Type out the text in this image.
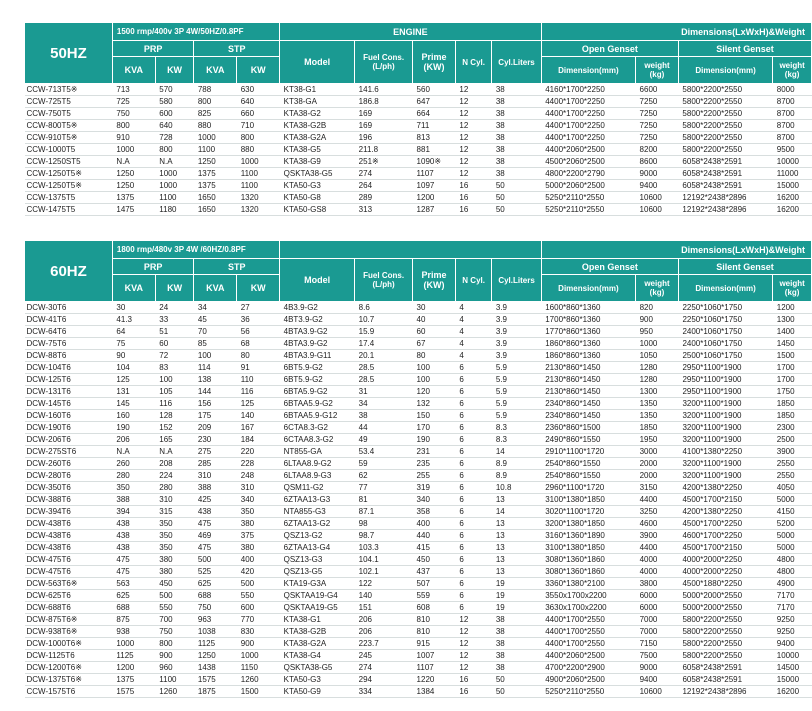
50HZ	1500 rmp/400v 3P 4W/50HZ/0.8PF				ENGINE					Dimensions(LxWxH)&Weight			
	PRP		STP		Model	Fuel Cons. (L/ph)	Prime (KW)	N Cyl.	Cyl.Liters	Open Genset		Silent Genset	
	KVA	KW	KVA	KW						Dimension(mm)	weight (kg)	Dimension(mm)	weight (kg)
CCW-713T5※	713	570	788	630	KT38-G1	141.6	560	12	38	4160*1700*2250	6600	5800*2200*2550	8000
CCW-725T5	725	580	800	640	KT38-GA	186.8	647	12	38	4400*1700*2250	7250	5800*2200*2550	8700
CCW-750T5	750	600	825	660	KTA38-G2	169	664	12	38	4400*1700*2250	7250	5800*2200*2550	8700
CCW-800T5※	800	640	880	710	KTA38-G2B	169	711	12	38	4400*1700*2250	7250	5800*2200*2550	8700
CCW-910T5※	910	728	1000	800	KTA38-G2A	196	813	12	38	4400*1700*2250	7250	5800*2200*2550	8700
CCW-1000T5	1000	800	1100	880	KTA38-G5	211.8	881	12	38	4400*2060*2500	8200	5800*2200*2550	9500
CCW-1250ST5	N.A	N.A	1250	1000	KTA38-G9	251※	1090※	12	38	4500*2060*2500	8600	6058*2438*2591	10000
CCW-1250T5※	1250	1000	1375	1100	QSKTA38-G5	274	1107	12	38	4800*2200*2790	9000	6058*2438*2591	11000
CCW-1250T5※	1250	1000	1375	1100	KTA50-G3	264	1097	16	50	5000*2060*2500	9400	6058*2438*2591	15000
CCW-1375T5	1375	1100	1650	1320	KTA50-G8	289	1200	16	50	5250*2110*2550	10600	12192*2438*2896	16200
CCW-1475T5	1475	1180	1650	1320	KTA50-GS8	313	1287	16	50	5250*2110*2550	10600	12192*2438*2896	16200
60HZ	1800 rmp/480v 3P 4W /60HZ/0.8PF									Dimensions(LxWxH)&Weight			
	PRP		STP		Model	Fuel Cons. (L/ph)	Prime (KW)	N Cyl.	Cyl.Liters	Open Genset		Silent Genset	
	KVA	KW	KVA	KW						Dimension(mm)	weight (kg)	Dimension(mm)	weight (kg)
DCW-30T6	30	24	34	27	4B3.9-G2	8.6	30	4	3.9	1600*860*1360	820	2250*1060*1750	1200
DCW-41T6	41.3	33	45	36	4BT3.9-G2	10.7	40	4	3.9	1700*860*1360	900	2250*1060*1750	1300
DCW-64T6	64	51	70	56	4BTA3.9-G2	15.9	60	4	3.9	1770*860*1360	950	2400*1060*1750	1400
DCW-75T6	75	60	85	68	4BTA3.9-G2	17.4	67	4	3.9	1860*860*1360	1000	2400*1060*1750	1450
DCW-88T6	90	72	100	80	4BTA3.9-G11	20.1	80	4	3.9	1860*860*1360	1050	2500*1060*1750	1500
DCW-104T6	104	83	114	91	6BT5.9-G2	28.5	100	6	5.9	2130*860*1450	1280	2950*1100*1900	1700
DCW-125T6	125	100	138	110	6BT5.9-G2	28.5	100	6	5.9	2130*860*1450	1280	2950*1100*1900	1700
DCW-131T6	131	105	144	116	6BTA5.9-G2	31	120	6	5.9	2130*860*1450	1300	2950*1100*1900	1750
DCW-145T6	145	116	156	125	6BTAA5.9-G2	34	132	6	5.9	2340*860*1450	1350	3200*1100*1900	1850
DCW-160T6	160	128	175	140	6BTAA5.9-G12	38	150	6	5.9	2340*860*1450	1350	3200*1100*1900	1850
DCW-190T6	190	152	209	167	6CTA8.3-G2	44	170	6	8.3	2360*860*1500	1850	3200*1100*1900	2300
DCW-206T6	206	165	230	184	6CTAA8.3-G2	49	190	6	8.3	2490*860*1550	1950	3200*1100*1900	2500
DCW-275ST6	N.A	N.A	275	220	NT855-GA	53.4	231	6	14	2910*1100*1720	3000	4100*1380*2250	3900
DCW-260T6	260	208	285	228	6LTAA8.9-G2	59	235	6	8.9	2540*860*1550	2000	3200*1100*1900	2550
DCW-280T6	280	224	310	248	6LTAA8.9-G3	62	255	6	8.9	2540*860*1550	2000	3200*1100*1900	2550
DCW-350T6	350	280	388	310	QSM11-G2	77	319	6	10.8	2960*1100*1720	3150	4200*1380*2250	4050
DCW-388T6	388	310	425	340	6ZTAA13-G3	81	340	6	13	3100*1380*1850	4400	4500*1700*2150	5000
DCW-394T6	394	315	438	350	NTA855-G3	87.1	358	6	14	3020*1100*1720	3250	4200*1380*2250	4150
DCW-438T6	438	350	475	380	6ZTAA13-G2	98	400	6	13	3200*1380*1850	4600	4500*1700*2250	5200
DCW-438T6	438	350	469	375	QSZ13-G2	98.7	440	6	13	3160*1360*1890	3900	4600*1700*2250	5000
DCW-438T6	438	350	475	380	6ZTAA13-G4	103.3	415	6	13	3100*1380*1850	4400	4500*1700*2150	5000
DCW-475T6	475	380	500	400	QSZ13-G3	104.1	450	6	13	3080*1360*1860	4000	4000*2000*2250	4800
DCW-475T6	475	380	525	420	QSZ13-G5	102.1	437	6	13	3080*1360*1860	4000	4000*2000*2250	4800
DCW-563T6※	563	450	625	500	KTA19-G3A	122	507	6	19	3360*1380*2100	3800	4500*1880*2250	4900
DCW-625T6	625	500	688	550	QSKTAA19-G4	140	559	6	19	3550x1700x2200	6000	5000*2000*2550	7170
DCW-688T6	688	550	750	600	QSKTAA19-G5	151	608	6	19	3630x1700x2200	6000	5000*2000*2550	7170
DCW-875T6※	875	700	963	770	KTA38-G1	206	810	12	38	4400*1700*2550	7000	5800*2200*2550	9250
DCW-938T6※	938	750	1038	830	KTA38-G2B	206	810	12	38	4400*1700*2550	7000	5800*2200*2550	9250
DCW-1000T6※	1000	800	1125	900	KTA38-G2A	223.7	915	12	38	4400*1700*2550	7150	5800*2200*2550	9400
DCW-1125T6	1125	900	1250	1000	KTA38-G4	245	1007	12	38	4400*2060*2500	7500	5800*2200*2550	10000
DCW-1200T6※	1200	960	1438	1150	QSKTA38-G5	274	1107	12	38	4700*2200*2900	9000	6058*2438*2591	14500
DCW-1375T6※	1375	1100	1575	1260	KTA50-G3	294	1220	16	50	4900*2060*2500	9400	6058*2438*2591	15000
CCW-1575T6	1575	1260	1875	1500	KTA50-G9	334	1384	16	50	5250*2110*2550	10600	12192*2438*2896	16200
